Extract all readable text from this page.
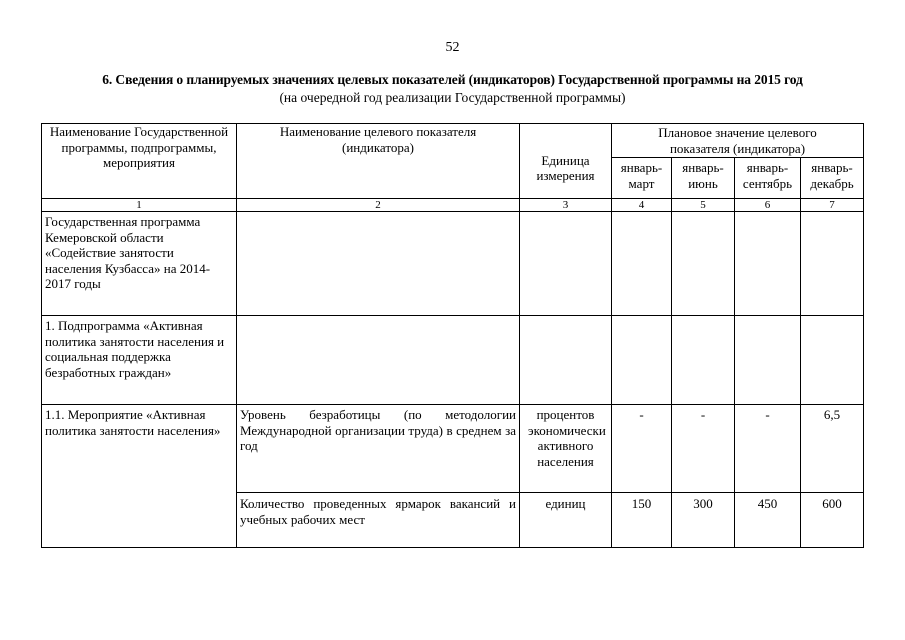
52
6. Сведения о планируемых значениях целевых показателей (индикаторов) Государственной программы на 2015 год
(на очередной год реализации Государственной программы)
Наименование Государственной программы, подпрограммы, мероприятия	Наименование целевого показателя (индикатора)	Единица измерения	Плановое значение целевого показателя (индикатора)			
			январь-март	январь-июнь	январь-сентябрь	январь-декабрь
1	2	3	4	5	6	7
Государственная программа Кемеровской области «Содействие занятости населения Кузбасса» на 2014-2017 годы						
1. Подпрограмма «Активная политика занятости населения и социальная поддержка безработных граждан»						
1.1. Мероприятие «Активная политика занятости населения»	Уровень безработицы (по методологии Международной организации труда) в среднем за год	процентов экономически активного населения	-	-	-	6,5
	Количество проведенных ярмарок вакансий и учебных рабочих мест	единиц	150	300	450	600
